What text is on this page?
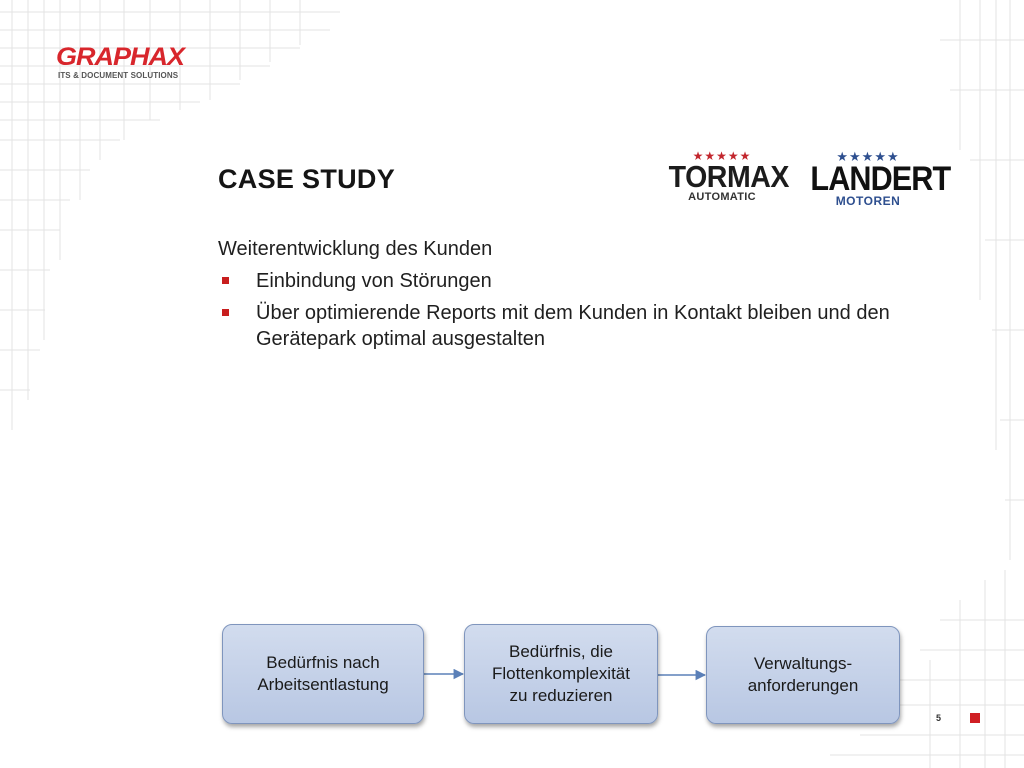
GRAPHAX
ITS & DOCUMENT SOLUTIONS
CASE STUDY
★★★★★
TORMAX
AUTOMATIC
★★★★★
LANDERT
MOTOREN

Weiterentwicklung des Kunden

Einbindung von Störungen
Über optimierende Reports mit dem Kunden in Kontakt bleiben und den Gerätepark optimal ausgestalten
Bedürfnis nach
Arbeitsentlastung
Bedürfnis, die
Flottenkomplexität
zu reduzieren
Verwaltungs-
anforderungen
5
